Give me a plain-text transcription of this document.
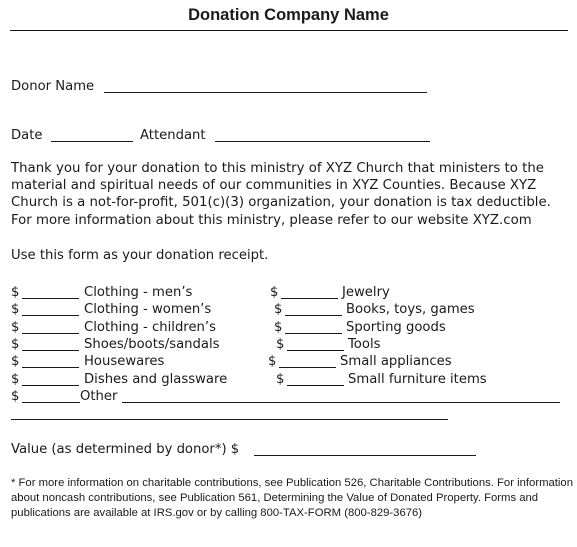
Donation Company Name
Donor Name
Date	Attendant
Thank you for your donation to this ministry of XYZ Church that ministers to the material and spiritual needs of our communities in XYZ Counties. Because XYZ Church is a not-for-profit, 501(c)(3) organization, your donation is tax deductible. For more information about this ministry, please refer to our website XYZ.com
Use this form as your donation receipt.
$	Clothing - men’s	$	Jewelry
$	Clothing - women’s	$	Books, toys, games
$	Clothing - children’s	$	Sporting goods
$	Shoes/boots/sandals	$	Tools
$	Housewares	$	Small appliances
$	Dishes and glassware	$	Small furniture items
$	Other
Value (as determined by donor*) $
* For more information on charitable contributions, see Publication 526, Charitable Contributions. For information about noncash contributions, see Publication 561, Determining the Value of Donated Property. Forms and publications are available at IRS.gov or by calling 800-TAX-FORM (800-829-3676)
